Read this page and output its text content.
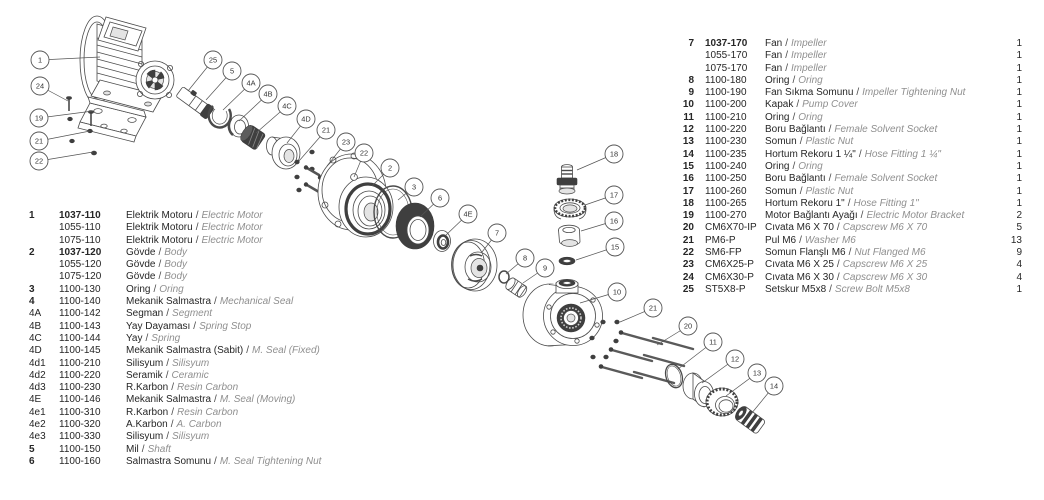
1
24
19
21
22
25
5
4A
4B
4C
4D
21
23
22
2
3
6
4E
7
8
9
18
17
16
15
10
21
20
11
12
13
14
1	1037-110	Elektrik Motoru / Electric Motor
1055-110	Elektrik Motoru / Electric Motor
1075-110	Elektrik Motoru / Electric Motor
2	1037-120	Gövde / Body
1055-120	Gövde / Body
1075-120	Gövde / Body
3	1100-130	Oring / Oring
4	1100-140	Mekanik Salmastra / Mechanical Seal
4A	1100-142	Segman / Segment
4B	1100-143	Yay Dayaması / Spring Stop
4C	1100-144	Yay / Spring
4D	1100-145	Mekanik Salmastra (Sabit) / M. Seal (Fixed)
4d1	1100-210	Silisyum / Silisyum
4d2	1100-220	Seramik / Ceramic
4d3	1100-230	R.Karbon / Resin Carbon
4E	1100-146	Mekanik Salmastra / M. Seal (Moving)
4e1	1100-310	R.Karbon / Resin Carbon
4e2	1100-320	A.Karbon / A. Carbon
4e3	1100-330	Silisyum / Silisyum
5	1100-150	Mil / Shaft
6	1100-160	Salmastra Somunu / M. Seal Tightening Nut
7 1037-170	Fan / Impeller	1
1055-170	Fan / Impeller	1
1075-170	Fan / Impeller	1
8 1100-180	Oring / Oring	1
9 1100-190	Fan Sıkma Somunu / Impeller Tightening Nut	1
10 1100-200	Kapak / Pump Cover	1
11 1100-210	Oring / Oring	1
12 1100-220	Boru Bağlantı / Female Solvent Socket	1
13 1100-230	Somun / Plastic Nut	1
14 1100-235	Hortum Rekoru 1 ¼" / Hose Fitting 1 ¼"	1
15 1100-240	Oring / Oring	1
16 1100-250	Boru Bağlantı / Female Solvent Socket	1
17 1100-260	Somun / Plastic Nut	1
18 1100-265	Hortum Rekoru 1" / Hose Fitting 1"	1
19 1100-270	Motor Bağlantı Ayağı / Electric Motor Bracket	2
20 CM6X70-IP Cıvata M6 X 70 / Capscrew M6 X 70	5
21 PM6-P	Pul M6 / Washer M6	13
22 SM6-FP	Somun Flanşlı M6 / Nut Flanged M6	9
23 CM6X25-P	Cıvata M6 X 25 / Capscrew M6 X 25	4
24 CM6X30-P	Cıvata M6 X 30 / Capscrew M6 X 30	4
25 ST5X8-P	Setskur M5x8 / Screw Bolt M5x8	1
